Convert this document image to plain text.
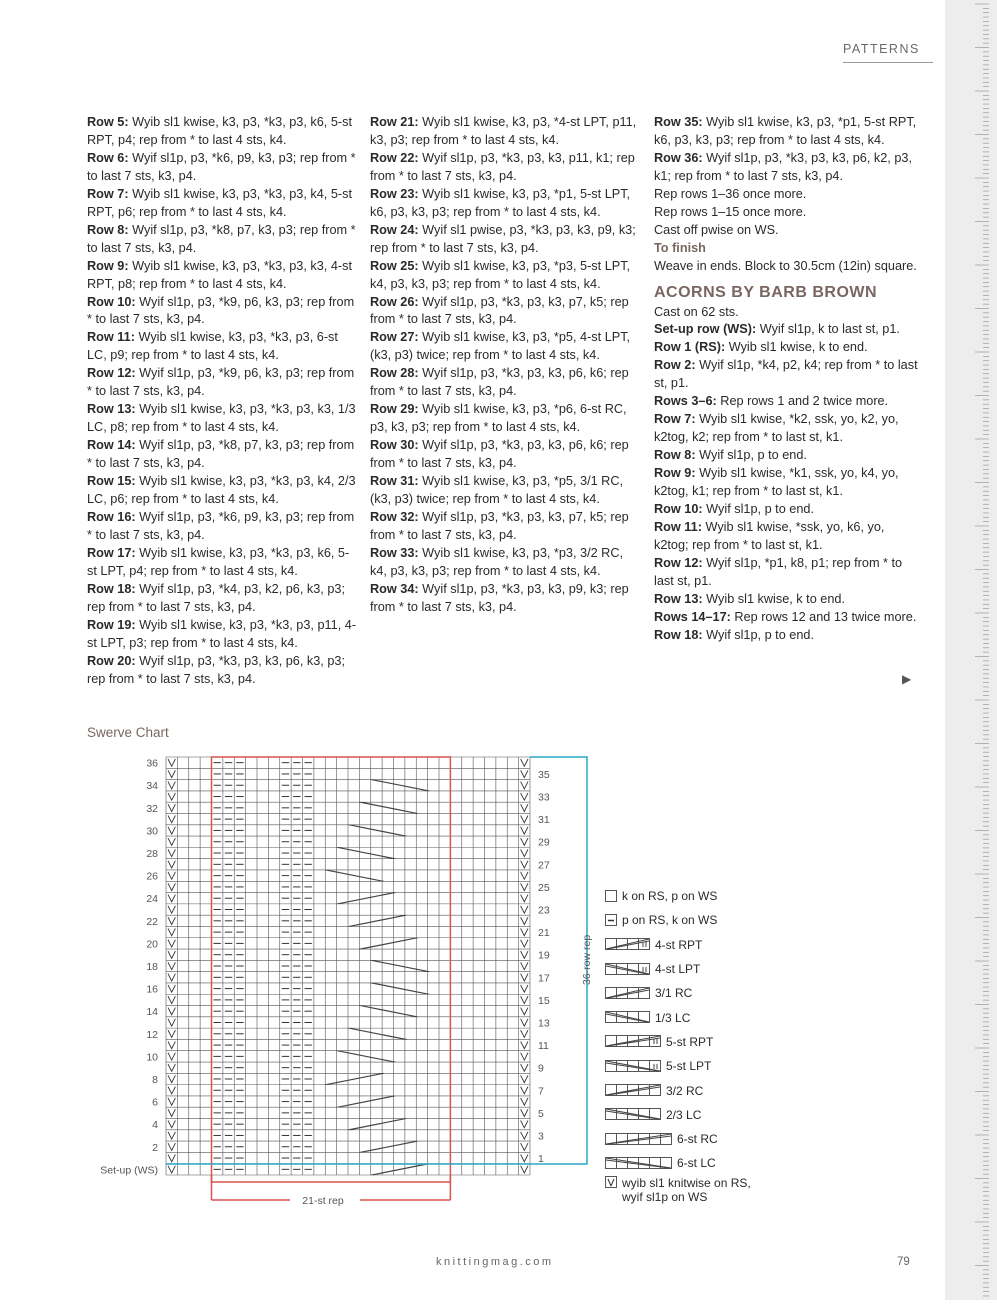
PATTERNS

Row 5: Wyib sl1 kwise, k3, p3, *k3, p3, k6, 5-st RPT, p4; rep from * to last 4 sts, k4.

Row 6: Wyif sl1p, p3, *k6, p9, k3, p3; rep from * to last 7 sts, k3, p4.

Row 7: Wyib sl1 kwise, k3, p3, *k3, p3, k4, 5-st RPT, p6; rep from * to last 4 sts, k4.

Row 8: Wyif sl1p, p3, *k8, p7, k3, p3; rep from * to last 7 sts, k3, p4.

Row 9: Wyib sl1 kwise, k3, p3, *k3, p3, k3, 4-st RPT, p8; rep from * to last 4 sts, k4.

Row 10: Wyif sl1p, p3, *k9, p6, k3, p3; rep from * to last 7 sts, k3, p4.

Row 11: Wyib sl1 kwise, k3, p3, *k3, p3, 6-st LC, p9; rep from * to last 4 sts, k4.

Row 12: Wyif sl1p, p3, *k9, p6, k3, p3; rep from * to last 7 sts, k3, p4.

Row 13: Wyib sl1 kwise, k3, p3, *k3, p3, k3, 1/3 LC, p8; rep from * to last 4 sts, k4.

Row 14: Wyif sl1p, p3, *k8, p7, k3, p3; rep from * to last 7 sts, k3, p4.

Row 15: Wyib sl1 kwise, k3, p3, *k3, p3, k4, 2/3 LC, p6; rep from * to last 4 sts, k4.

Row 16: Wyif sl1p, p3, *k6, p9, k3, p3; rep from * to last 7 sts, k3, p4.

Row 17: Wyib sl1 kwise, k3, p3, *k3, p3, k6, 5-st LPT, p4; rep from * to last 4 sts, k4.

Row 18: Wyif sl1p, p3, *k4, p3, k2, p6, k3, p3; rep from * to last 7 sts, k3, p4.

Row 19: Wyib sl1 kwise, k3, p3, *k3, p3, p11, 4-st LPT, p3; rep from * to last 4 sts, k4.

Row 20: Wyif sl1p, p3, *k3, p3, k3, p6, k3, p3; rep from * to last 7 sts, k3, p4.

Row 21: Wyib sl1 kwise, k3, p3, *4-st LPT, p11, k3, p3; rep from * to last 4 sts, k4.

Row 22: Wyif sl1p, p3, *k3, p3, k3, p11, k1; rep from * to last 7 sts, k3, p4.

Row 23: Wyib sl1 kwise, k3, p3, *p1, 5-st LPT, k6, p3, k3, p3; rep from * to last 4 sts, k4.

Row 24: Wyif sl1 pwise, p3, *k3, p3, k3, p9, k3; rep from * to last 7 sts, k3, p4.

Row 25: Wyib sl1 kwise, k3, p3, *p3, 5-st LPT, k4, p3, k3, p3; rep from * to last 4 sts, k4.

Row 26: Wyif sl1p, p3, *k3, p3, k3, p7, k5; rep from * to last 7 sts, k3, p4.

Row 27: Wyib sl1 kwise, k3, p3, *p5, 4-st LPT, (k3, p3) twice; rep from * to last 4 sts, k4.

Row 28: Wyif sl1p, p3, *k3, p3, k3, p6, k6; rep from * to last 7 sts, k3, p4.

Row 29: Wyib sl1 kwise, k3, p3, *p6, 6-st RC, p3, k3, p3; rep from * to last 4 sts, k4.

Row 30: Wyif sl1p, p3, *k3, p3, k3, p6, k6; rep from * to last 7 sts, k3, p4.

Row 31: Wyib sl1 kwise, k3, p3, *p5, 3/1 RC, (k3, p3) twice; rep from * to last 4 sts, k4.

Row 32: Wyif sl1p, p3, *k3, p3, k3, p7, k5; rep from * to last 7 sts, k3, p4.

Row 33: Wyib sl1 kwise, k3, p3, *p3, 3/2 RC, k4, p3, k3, p3; rep from * to last 4 sts, k4.

Row 34: Wyif sl1p, p3, *k3, p3, k3, p9, k3; rep from * to last 7 sts, k3, p4.

Row 35: Wyib sl1 kwise, k3, p3, *p1, 5-st RPT, k6, p3, k3, p3; rep from * to last 4 sts, k4.

Row 36: Wyif sl1p, p3, *k3, p3, k3, p6, k2, p3, k1; rep from * to last 7 sts, k3, p4.

Rep rows 1–36 once more.

Rep rows 1–15 once more.

Cast off pwise on WS.

To finish

Weave in ends. Block to 30.5cm (12in) square.

ACORNS BY BARB BROWN

Cast on 62 sts.

Set-up row (WS): Wyif sl1p, k to last st, p1.

Row 1 (RS): Wyib sl1 kwise, k to end.

Row 2: Wyif sl1p, *k4, p2, k4; rep from * to last st, p1.

Rows 3–6: Rep rows 1 and 2 twice more.

Row 7: Wyib sl1 kwise, *k2, ssk, yo, k2, yo, k2tog, k2; rep from * to last st, k1.

Row 8: Wyif sl1p, p to end.

Row 9: Wyib sl1 kwise, *k1, ssk, yo, k4, yo, k2tog, k1; rep from * to last st, k1.

Row 10: Wyif sl1p, p to end.

Row 11: Wyib sl1 kwise, *ssk, yo, k6, yo, k2tog; rep from * to last st, k1.

Row 12: Wyif sl1p, *p1, k8, p1; rep from * to last st, p1.

Row 13: Wyib sl1 kwise, k to end.

Rows 14–17: Rep rows 12 and 13 twice more.

Row 18: Wyif sl1p, p to end.

▶
Swerve Chart
36
34
32
30
28
26
24
22
20
18
16
14
12
10
8
6
4
2
Set-up (WS)
35
33
31
29
27
25
23
21
19
17
15
13
11
9
7
5
3
1
36-row rep
21-st rep
k on RS, p on WS
p on RS, k on WS
4-st RPT
4-st LPT
3/1 RC
1/3 LC
5-st RPT
5-st LPT
3/2 RC
2/3 LC
6-st RC
6-st LC
wyib sl1 knitwise on RS,
wyif sl1p on WS
knittingmag.com	79
